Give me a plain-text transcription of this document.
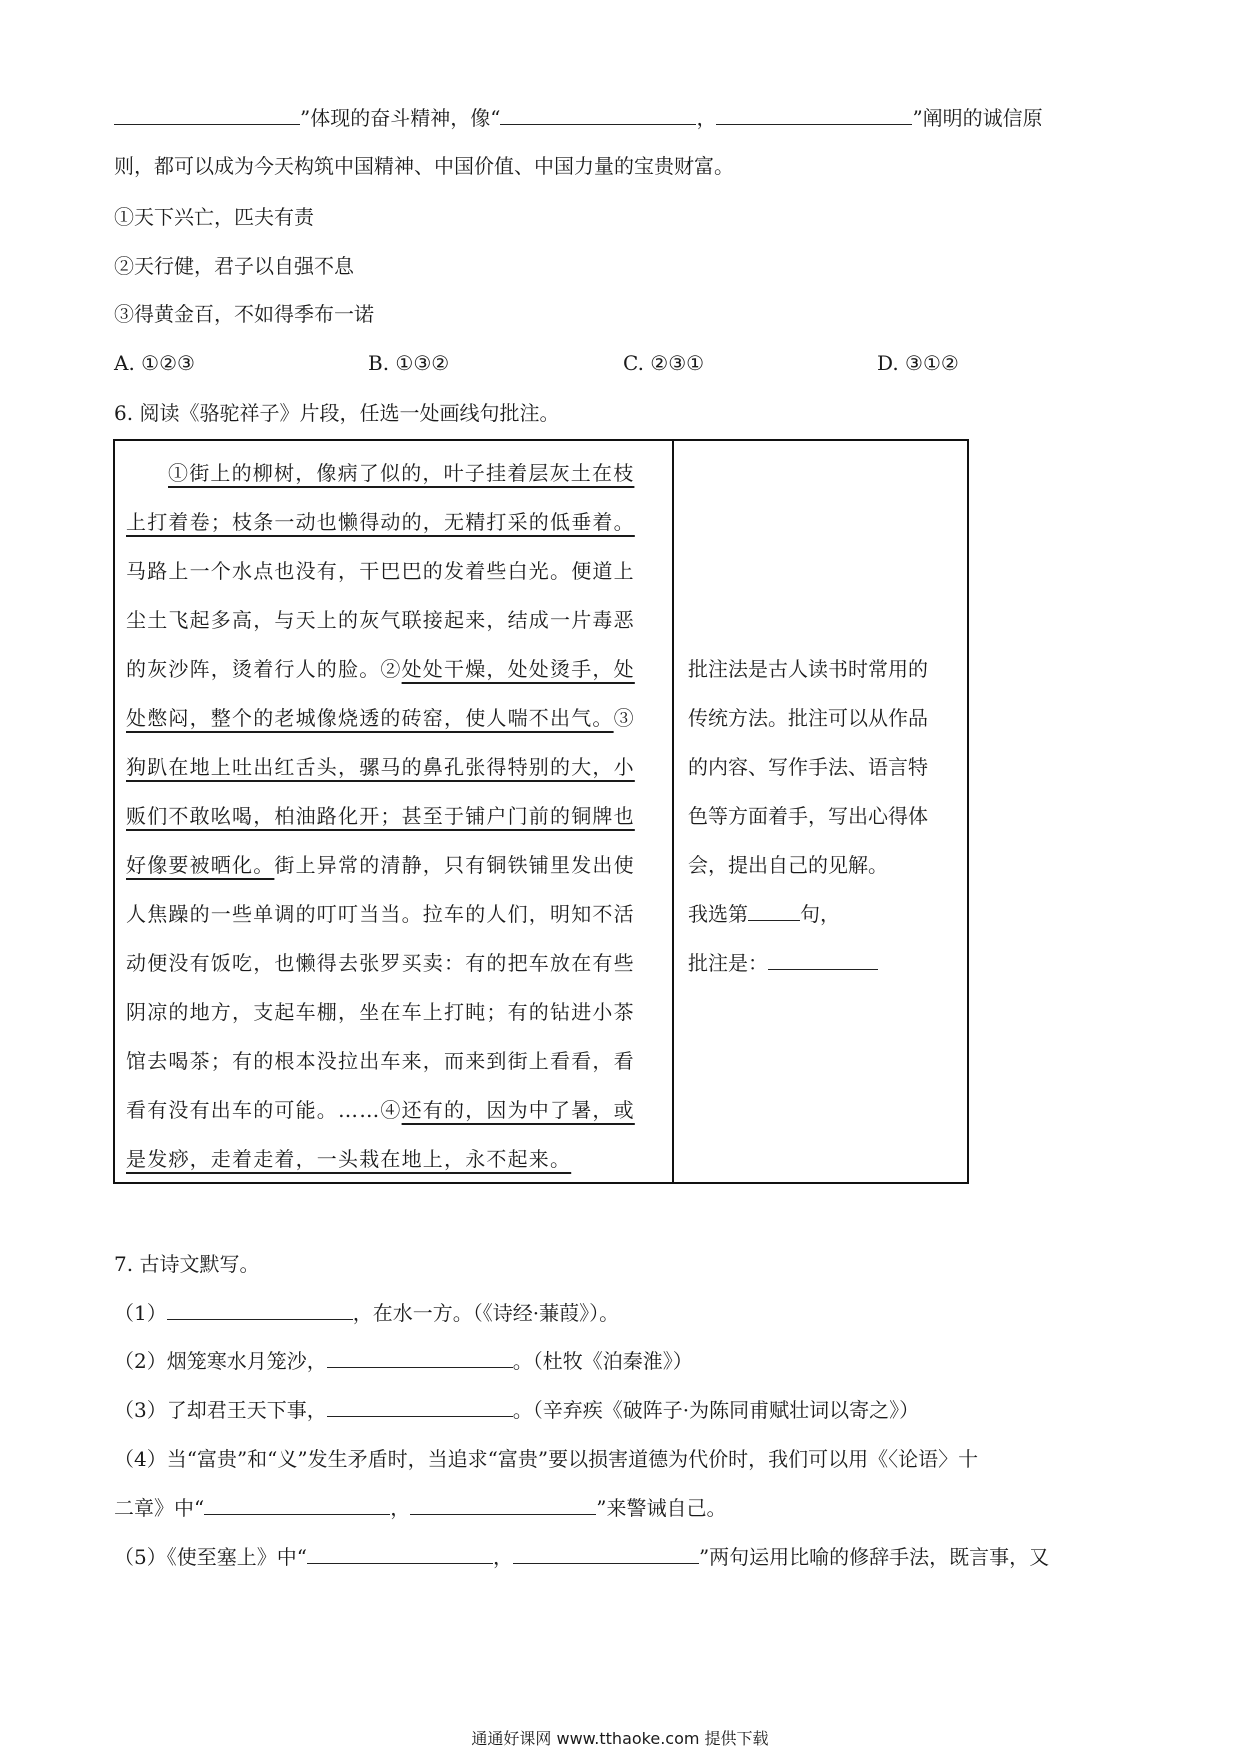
”体现的奋斗精神，像“	，	”阐明的诚信原
则，都可以成为今天构筑中国精神、中国价值、中国力量的宝贵财富。
①天下兴亡，匹夫有责
②天行健，君子以自强不息
③得黄金百，不如得季布一诺
A. ①②③	B. ①③②	C. ②③①	D. ③①②
6. 阅读《骆驼祥子》片段，任选一处画线句批注。
①街上的柳树，像病了似的，叶子挂着层灰土在枝
上打着卷；枝条一动也懒得动的，无精打采的低垂着。
马路上一个水点也没有，干巴巴的发着些白光。便道上
尘土飞起多高，与天上的灰气联接起来，结成一片毒恶
的灰沙阵，烫着行人的脸。②处处干燥，处处烫手，处
处憋闷，整个的老城像烧透的砖窑，使人喘不出气。③
狗趴在地上吐出红舌头，骡马的鼻孔张得特别的大，小
贩们不敢吆喝，柏油路化开；甚至于铺户门前的铜牌也
好像要被晒化。街上异常的清静，只有铜铁铺里发出使
人焦躁的一些单调的叮叮当当。拉车的人们，明知不活
动便没有饭吃，也懒得去张罗买卖：有的把车放在有些
阴凉的地方，支起车棚，坐在车上打盹；有的钻进小茶
馆去喝茶；有的根本没拉出车来，而来到街上看看，看
看有没有出车的可能。……④还有的，因为中了暑，或
是发痧，走着走着，一头栽在地上，永不起来。
批注法是古人读书时常用的
传统方法。批注可以从作品
的内容、写作手法、语言特
色等方面着手，写出心得体
会，提出自己的见解。
我选第	句，
批注是：
7. 古诗文默写。
（1）	，在水一方。（《诗经·蒹葭》）。
（2）烟笼寒水月笼沙，	。（杜牧《泊秦淮》）
（3）了却君王天下事，	。（辛弃疾《破阵子·为陈同甫赋壮词以寄之》）
（4）当“富贵”和“义”发生矛盾时，当追求“富贵”要以损害道德为代价时，我们可以用《〈论语〉十
二章》中“	，	”来警诫自己。
（5）《使至塞上》中“	，	”两句运用比喻的修辞手法，既言事，又
通通好课网 www.tthaoke.com 提供下载
